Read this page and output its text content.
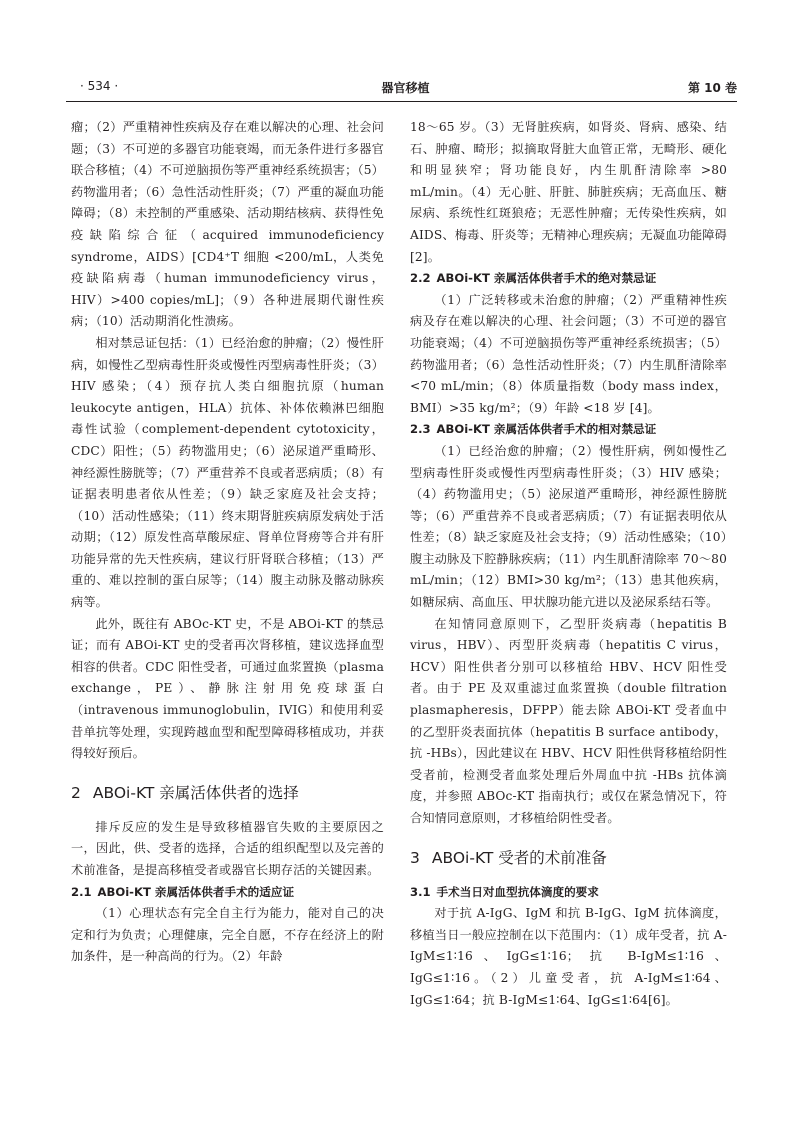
· 534 ·	器官移植	第 10 卷

瘤；（2）严重精神性疾病及存在难以解决的心理、社会问题；（3）不可逆的多器官功能衰竭，而无条件进行多器官联合移植；（4）不可逆脑损伤等严重神经系统损害；（5）药物滥用者；（6）急性活动性肝炎；（7）严重的凝血功能障碍；（8）未控制的严重感染、活动期结核病、获得性免疫缺陷综合征（acquired immunodeficiency syndrome，AIDS）[CD4⁺T 细胞 <200/mL，人类免疫缺陷病毒（human immunodeficiency virus，HIV）>400 copies/mL]；（9）各种进展期代谢性疾病；（10）活动期消化性溃疡。

相对禁忌证包括：（1）已经治愈的肿瘤；（2）慢性肝病，如慢性乙型病毒性肝炎或慢性丙型病毒性肝炎；（3）HIV 感染；（4）预存抗人类白细胞抗原（human leukocyte antigen，HLA）抗体、补体依赖淋巴细胞毒性试验（complement-dependent cytotoxicity，CDC）阳性；（5）药物滥用史；（6）泌尿道严重畸形、神经源性膀胱等；（7）严重营养不良或者恶病质；（8）有证据表明患者依从性差；（9）缺乏家庭及社会支持；（10）活动性感染；（11）终末期肾脏疾病原发病处于活动期；（12）原发性高草酸尿症、肾单位肾痨等合并有肝功能异常的先天性疾病，建议行肝肾联合移植；（13）严重的、难以控制的蛋白尿等；（14）腹主动脉及髂动脉疾病等。

此外，既往有 ABOc-KT 史，不是 ABOi-KT 的禁忌证；而有 ABOi-KT 史的受者再次肾移植，建议选择血型相容的供者。CDC 阳性受者，可通过血浆置换（plasma exchange，PE）、静脉注射用免疫球蛋白（intravenous immunoglobulin，IVIG）和使用利妥昔单抗等处理，实现跨越血型和配型障碍移植成功，并获得较好预后。

2 ABOi-KT 亲属活体供者的选择

排斥反应的发生是导致移植器官失败的主要原因之一，因此，供、受者的选择，合适的组织配型以及完善的术前准备，是提高移植受者或器官长期存活的关键因素。

2.1 ABOi-KT 亲属活体供者手术的适应证

（1）心理状态有完全自主行为能力，能对自己的决定和行为负责；心理健康，完全自愿，不存在经济上的附加条件，是一种高尚的行为。（2）年龄

18～65 岁。（3）无肾脏疾病，如肾炎、肾病、感染、结石、肿瘤、畸形；拟摘取肾脏大血管正常，无畸形、硬化和明显狭窄；肾功能良好，内生肌酐清除率 >80 mL/min。（4）无心脏、肝脏、肺脏疾病；无高血压、糖尿病、系统性红斑狼疮；无恶性肿瘤；无传染性疾病，如 AIDS、梅毒、肝炎等；无精神心理疾病；无凝血功能障碍 [2]。

2.2 ABOi-KT 亲属活体供者手术的绝对禁忌证

（1）广泛转移或未治愈的肿瘤；（2）严重精神性疾病及存在难以解决的心理、社会问题；（3）不可逆的器官功能衰竭；（4）不可逆脑损伤等严重神经系统损害；（5）药物滥用者；（6）急性活动性肝炎；（7）内生肌酐清除率<70 mL/min；（8）体质量指数（body mass index，BMI）>35 kg/m²；（9）年龄 <18 岁 [4]。

2.3 ABOi-KT 亲属活体供者手术的相对禁忌证

（1）已经治愈的肿瘤；（2）慢性肝病，例如慢性乙型病毒性肝炎或慢性丙型病毒性肝炎；（3）HIV 感染；（4）药物滥用史；（5）泌尿道严重畸形，神经源性膀胱等；（6）严重营养不良或者恶病质；（7）有证据表明依从性差；（8）缺乏家庭及社会支持；（9）活动性感染；（10）腹主动脉及下腔静脉疾病；（11）内生肌酐清除率 70～80 mL/min；（12）BMI>30 kg/m²；（13）患其他疾病，如糖尿病、高血压、甲状腺功能亢进以及泌尿系结石等。

在知情同意原则下，乙型肝炎病毒（hepatitis B virus，HBV）、丙型肝炎病毒（hepatitis C virus，HCV）阳性供者分别可以移植给 HBV、HCV 阳性受者。由于 PE 及双重滤过血浆置换（double filtration plasmapheresis，DFPP）能去除 ABOi-KT 受者血中的乙型肝炎表面抗体（hepatitis B surface antibody，抗 -HBs），因此建议在 HBV、HCV 阳性供肾移植给阴性受者前，检测受者血浆处理后外周血中抗 -HBs 抗体滴度，并参照 ABOc-KT 指南执行；或仅在紧急情况下，符合知情同意原则，才移植给阴性受者。

3 ABOi-KT 受者的术前准备
3.1 手术当日对血型抗体滴度的要求

对于抗 A-IgG、IgM 和抗 B-IgG、IgM 抗体滴度，移植当日一般应控制在以下范围内：（1）成年受者，抗 A-IgM≤1∶16、IgG≤1∶16；抗 B-IgM≤1∶16、IgG≤1∶16。（2）儿童受者，抗 A-IgM≤1∶64、IgG≤1∶64；抗 B-IgM≤1∶64、IgG≤1∶64[6]。
